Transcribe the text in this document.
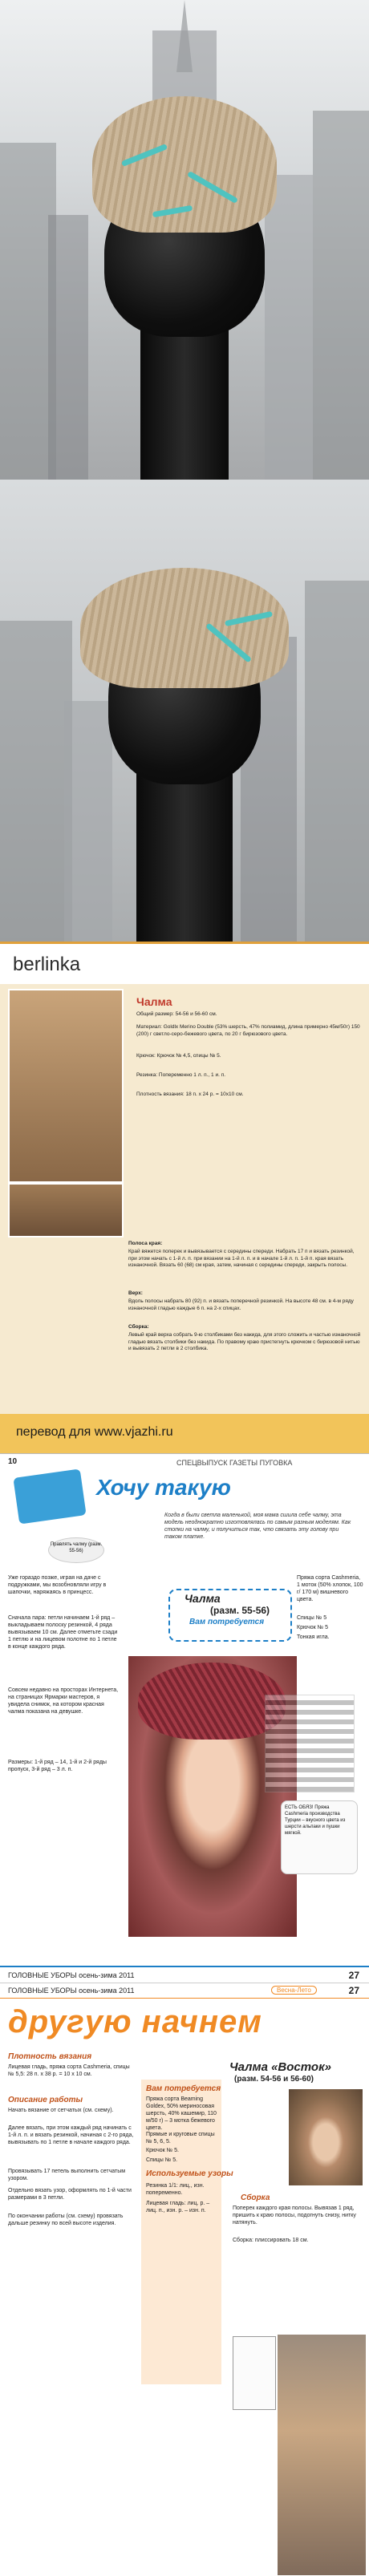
berlinka
Чалма
Общий размер: 54-56 и 56-60 см.
Материал: Goldlx Merino Double (53% шерсть, 47% полиамид, длина примерно 45м/50г) 150 (200) г светло-серо-бежевого цвета, по 20 г бирюзового цвета.
Крючок: Крючок № 4,5, спицы № 5.
Резинка: Попеременно 1 л. п., 1 и. п.
Плотность вязания: 18 п. х 24 р. = 10х10 см.
Полоса края:
Край вяжется поперек и вывязывается с середины спереди. Набрать 17 п и вязать резинкой, при этом начать с 1-й л. п. при вязании на 1-й л. п. и в начале 1-й л. п. 1-й п. края вязать изнаночной. Вязать 60 (68) см края, затем, начиная с середины спереди, закрыть полосы.
Верх:
Вдоль полосы набрать 80 (92) п. и вязать поперечной резинкой. На высоте 48 см. в 4-м ряду изнаночной гладью каждые 6 п. на 2-х спицах.
Сборка:
Левый край верха собрать 9-ю столбиками без накида, для этого сложить и частью изнаночной гладью вязать столбики без накида. По правому краю пристегнуть крючком с бирюзовой нитью и вывязать 2 петли в 2 столбика.
перевод для www.vjazhi.ru
10	СПЕЦВЫПУСК ГАЗЕТЫ ПУГОВКА
Хочу такую
Когда в были светла маленькой, моя мама сшила себе чалму, эта модель неоднократно изготовлялась по самым разным моделям. Как стопки на чалму, и получиться так, что связать эту голову при таком платке.
Правлять чалму (разм. 55-56)
Уже гораздо позже, играя на даче с подружками, мы возобновляли игру в шапочки, наряжаясь в принцесс.
Сначала пара: петли начинаем 1-й ряд – выкладываем полоску резинкой, 4 ряда вывязываем 10 см. Далее отметьте сзади 1 петлю и на лицевом полотне по 1 петле в конце каждого ряда.
Совсем недавно на просторах Интернета, на страницах Ярмарки мастеров, я увидела снимок, на котором красная чалма показана на девушке.
Размеры: 1-й ряд – 14, 1-й и 2-й ряды пропуск, 3-й ряд – 3 л. п.
Чалма
(разм. 55-56)
Вам потребуется
Пряжа сорта Cashmeria, 1 моток (50% хлопок, 100 г/ 170 м) вишневого цвета.
Спицы № 5
Крючок № 5
Тонкая игла.
ЕСТЬ ОБЯЗ! Пряжа Cashmeria производства Турции – вкусного цвета из шерсти альпаки и пушки мягкой.
ГОЛОВНЫЕ УБОРЫ осень-зима 2011	27
ГОЛОВНЫЕ УБОРЫ осень-зима 2011	Весна-Лето	27
другую начнем
Плотность вязания
Лицевая гладь, пряжа сорта Cashmeria, спицы № 5,5: 28 п. х 38 р. = 10 х 10 см.
Описание работы
Начать вязание от сетчатых (см. схему).
Далее вязать, при этом каждый ряд начинать с 1-й л. п. и вязать резинкой, начиная с 2-го ряда, вывязывать по 1 петле в начале каждого ряда.
Провязывать 17 петель выполнить сетчатым узором.
Отдельно вязать узор, оформлять по 1-й части размерами в 3 петли.
По окончании работы (см. схему) провязать дальше резинку по всей высоте изделия.
Чалма «Восток»
(разм. 54-56 и 56-60)
Вам потребуется
Пряжа сорта Beaming Goldex, 50% мериносовая шерсть, 40% кашемир, 110 м/50 г) – 3 мотка бежевого цвета.
Прямые и круговые спицы № 5, 6, 5.
Крючок № 5.
Спицы № 5.
Используемые узоры
Резинка 1/1: лиц., изн. попеременно.
Лицевая гладь: лиц. р. – лиц. п., изн. р. – изн. п.
Сборка
Поперек каждого края полосы. Вывязав 1 ряд, пришить к краю полосы, подогнуть снизу, нитку натянуть.
Сборка: плиссировать 18 см.
